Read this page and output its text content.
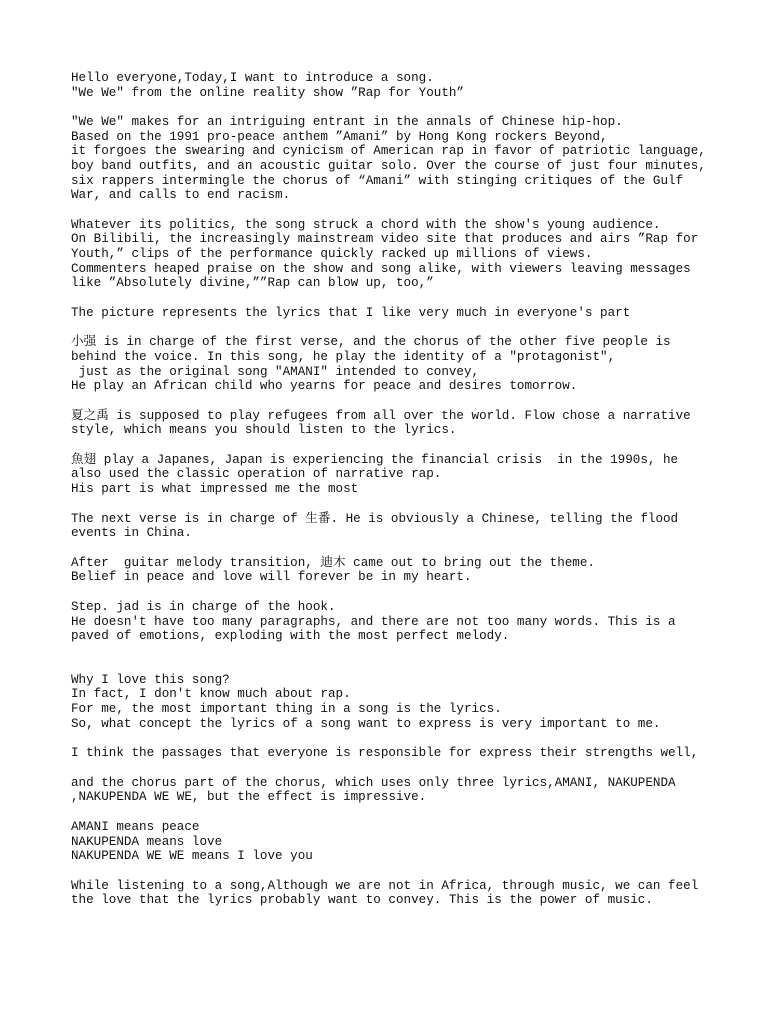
Hello everyone,Today,I want to introduce a song.
"We We" from the online reality show ”Rap for Youth”
"We We" makes for an intriguing entrant in the annals of Chinese hip-hop.
Based on the 1991 pro-peace anthem ”Amani” by Hong Kong rockers Beyond,
it forgoes the swearing and cynicism of American rap in favor of patriotic language,
boy band outfits, and an acoustic guitar solo. Over the course of just four minutes,
six rappers intermingle the chorus of “Amani” with stinging critiques of the Gulf War, and calls to end racism.
Whatever its politics, the song struck a chord with the show's young audience.
On Bilibili, the increasingly mainstream video site that produces and airs ”Rap for Youth,” clips of the performance quickly racked up millions of views.
Commenters heaped praise on the show and song alike, with viewers leaving messages like ”Absolutely divine,””Rap can blow up, too,”
The picture represents the lyrics that I like very much in everyone's part
小强 is in charge of the first verse, and the chorus of the other five people is behind the voice. In this song, he play the identity of a "protagonist",
just as the original song "AMANI" intended to convey,
He play an African child who yearns for peace and desires tomorrow.
夏之禹 is supposed to play refugees from all over the world. Flow chose a narrative style, which means you should listen to the lyrics.
魚翅 play a Japanes, Japan is experiencing the financial crisis  in the 1990s, he also used the classic operation of narrative rap.
His part is what impressed me the most
The next verse is in charge of 生番. He is obviously a Chinese, telling the flood events in China.
After  guitar melody transition, 迪木 came out to bring out the theme.
Belief in peace and love will forever be in my heart.
Step. jad is in charge of the hook.
He doesn't have too many paragraphs, and there are not too many words. This is a paved of emotions, exploding with the most perfect melody.
Why I love this song?
In fact, I don't know much about rap.
For me, the most important thing in a song is the lyrics.
So, what concept the lyrics of a song want to express is very important to me.
I think the passages that everyone is responsible for express their strengths well,
and the chorus part of the chorus, which uses only three lyrics,AMANI, NAKUPENDA ,NAKUPENDA WE WE, but the effect is impressive.
AMANI means peace
NAKUPENDA means love
NAKUPENDA WE WE means I love you
While listening to a song,Although we are not in Africa, through music, we can feel the love that the lyrics probably want to convey. This is the power of music.
